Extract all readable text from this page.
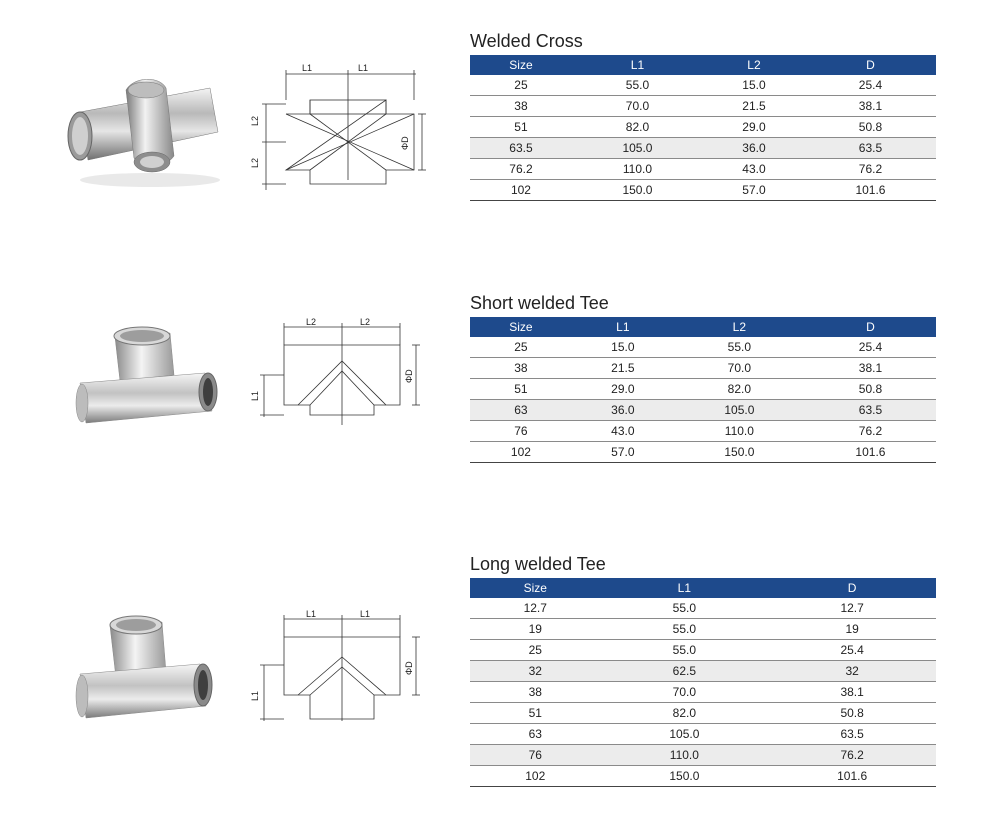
L1	L1
L2
L2
ΦD
Welded Cross
Size	L1	L2	D
25	55.0	15.0	25.4
38	70.0	21.5	38.1
51	82.0	29.0	50.8
63.5	105.0	36.0	63.5
76.2	110.0	43.0	76.2
102	150.0	57.0	101.6
L2	L2
L1
ΦD
Short welded Tee
Size	L1	L2	D
25	15.0	55.0	25.4
38	21.5	70.0	38.1
51	29.0	82.0	50.8
63	36.0	105.0	63.5
76	43.0	110.0	76.2
102	57.0	150.0	101.6
L1	L1
L1
ΦD
Long welded Tee
Size	L1	D
12.7	55.0	12.7
19	55.0	19
25	55.0	25.4
32	62.5	32
38	70.0	38.1
51	82.0	50.8
63	105.0	63.5
76	110.0	76.2
102	150.0	101.6
